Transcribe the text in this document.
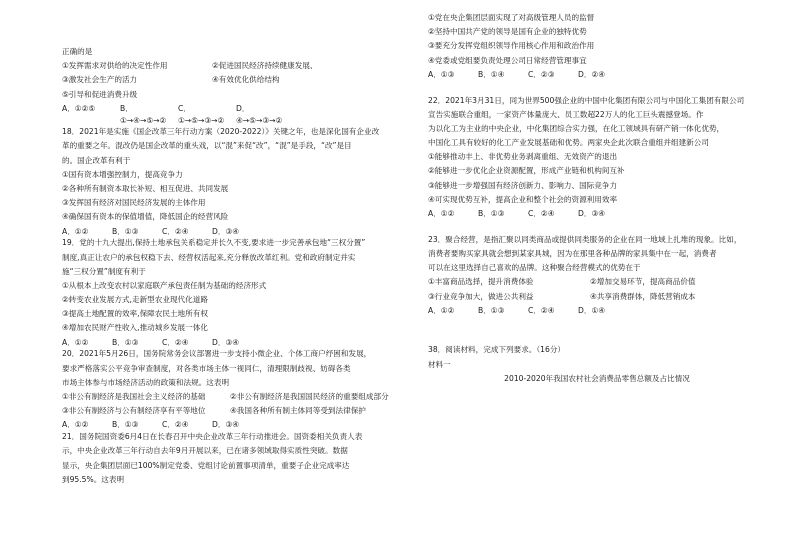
正确的是
①发挥需求对供给的决定性作用	②促进国民经济持续健康发展、
③激发社会生产的活力	④有效优化供给结构
⑤引导和促进消费升级
A．①②⑤	B．①→④→⑤→②
C．①→⑤→③→②
D．④→⑤→③→②
18．2021年是实施《国企改革三年行动方案（2020-2022）》关键之年，也是深化国有企业改
革的重要之年。混改仍是国企改革的重头戏，以“混”来促“改”，“混”是手段，“改”是目
的。国企改革有利于
①国有资本增强控制力，提高竞争力
②各种所有制资本取长补短、相互促进、共同发展
③发挥国有经济对国民经济发展的主体作用
④确保国有资本的保值增值，降低国企的经营风险
A．①②	B．①③	C．②④	D．③④
19．党的十九大提出,保持土地承包关系稳定并长久不变,要求进一步完善承包地“三权分置”
制度,真正让农户的承包权稳下去、经营权活起来,充分释放改革红利。党和政府制定并实
施“三权分置”制度有利于
①从根本上改变农村以家庭联产承包责任制为基础的经济形式
②转变农业发展方式,走新型农业现代化道路
③提高土地配置的效率,保障农民土地所有权
④增加农民财产性收入,推动城乡发展一体化
A．①②	B．①③	C．②④	D．③④
20．2021年5月26日，国务院常务会议部署进一步支持小微企业、个体工商户纾困和发展，
要求严格落实公平竞争审查制度，对各类市场主体一视同仁，清理限制歧视、妨碍各类
市场主体参与市场经济活动的政策和法规。这表明
①非公有制经济是我国社会主义经济的基础	②非公有制经济是我国国民经济的重要组成部分
③非公有制经济与公有制经济享有平等地位	④我国各种所有制主体同等受到法律保护
A．①②	B．①③	C．②④	D．③④
21．国务院国资委6月4日在长春召开中央企业改革三年行动推进会。国资委相关负责人表
示，中央企业改革三年行动自去年9月开展以来，已在诸多领域取得实质性突破。数据
显示，央企集团层面已100%制定党委、党组讨论前置事项清单，重要子企业完成率达
到95.5%。这表明
①党在央企集团层面实现了对高级管理人员的监督
②坚持中国共产党的领导是国有企业的独特优势
③要充分发挥党组织领导作用核心作用和政治作用
④党委或党组要负责处理公司日常经营管理事宜
A．①③	B．①④	C．②③	D．②④
22．2021年3月31日，同为世界500强企业的中国中化集团有限公司与中国化工集团有限公司
宣告实施联合重组，一家资产体量庞大、员工数超22万人的化工巨头震撼登场。作
为以化工为主业的中央企业，中化集团综合实力强，在化工领域具有研产销一体化优势，
中国化工具有较好的化工产业发展基础和优势。两家央企此次联合重组并组建新公司
①能够推动丰上、非优势业务剥离重组、无效资产的退出
②能够进一步优化企业资源配置，形成产业链和机构间互补
③能够进一步增强国有经济创新力、影响力、国际竞争力
④可实现优势互补，提高企业和整个社会的资源利用效率
A．①②	B．①③	C．②④	D．③④
23．聚合经营，是指汇聚以同类商品或提供同类服务的企业在同一地域上扎堆的现象。比如，
消费者要购买家具就会想到某家具城，因为在那里各种品牌的家具集中在一起，消费者
可以在这里选择自己喜欢的品牌。这种聚合经营模式的优势在于
①丰富商品选择，提升消费体验	②增加交易环节，提高商品价值
③行业竞争加大，做进公共利益	④共享消费群体，降低营销成本
A．①②	B．①③	C．②④	D．①④
38．阅读材料，完成下列要求。（16分）
材料一
2010-2020年我国农村社会消费品零售总额及占比情况
